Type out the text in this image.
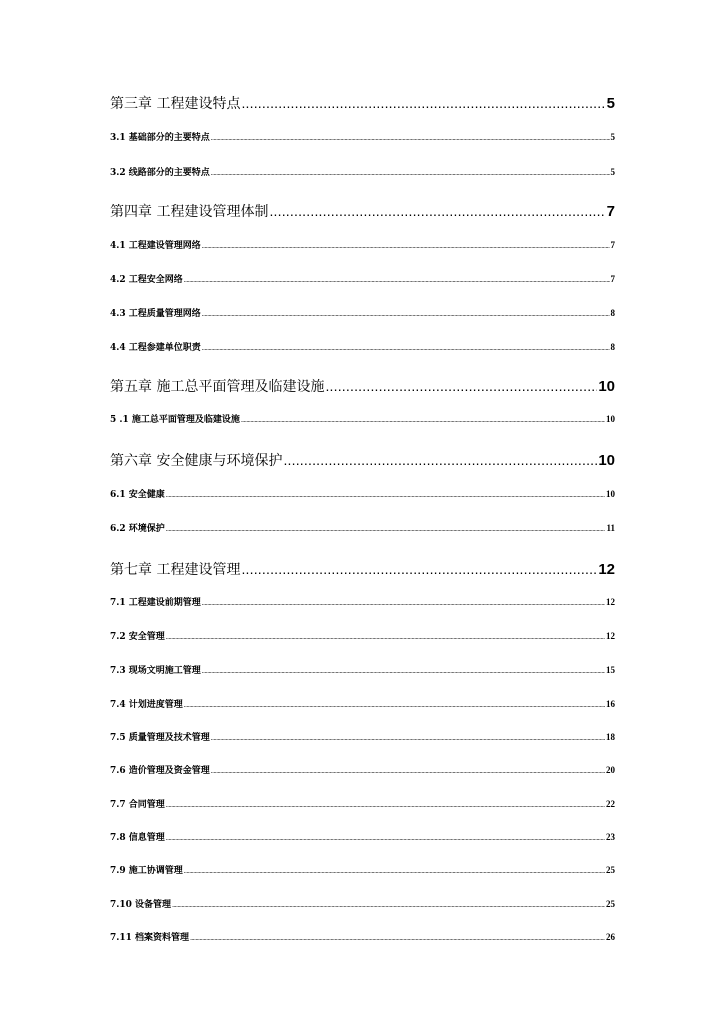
第三章 工程建设特点 .....	5
3.1 基础部分的主要特点 .....	5
3.2 线路部分的主要特点 .....	5
第四章 工程建设管理体制 .....	7
4.1 工程建设管理网络 .....	7
4.2 工程安全网络 .....	7
4.3 工程质量管理网络 .....	8
4.4 工程参建单位职责 .....	8
第五章 施工总平面管理及临建设施 .....	10
5 .1 施工总平面管理及临建设施 .....	10
第六章 安全健康与环境保护 .....	10
6.1 安全健康 .....	10
6.2 环境保护 .....	11
第七章 工程建设管理 .....	12
7.1 工程建设前期管理 .....	12
7.2 安全管理 .....	12
7.3 现场文明施工管理 .....	15
7.4 计划进度管理 .....	16
7.5 质量管理及技术管理 .....	18
7.6 造价管理及资金管理 .....	20
7.7 合同管理 .....	22
7.8 信息管理 .....	23
7.9 施工协调管理 .....	25
7.10 设备管理 .....	25
7.11 档案资料管理 .....	26
